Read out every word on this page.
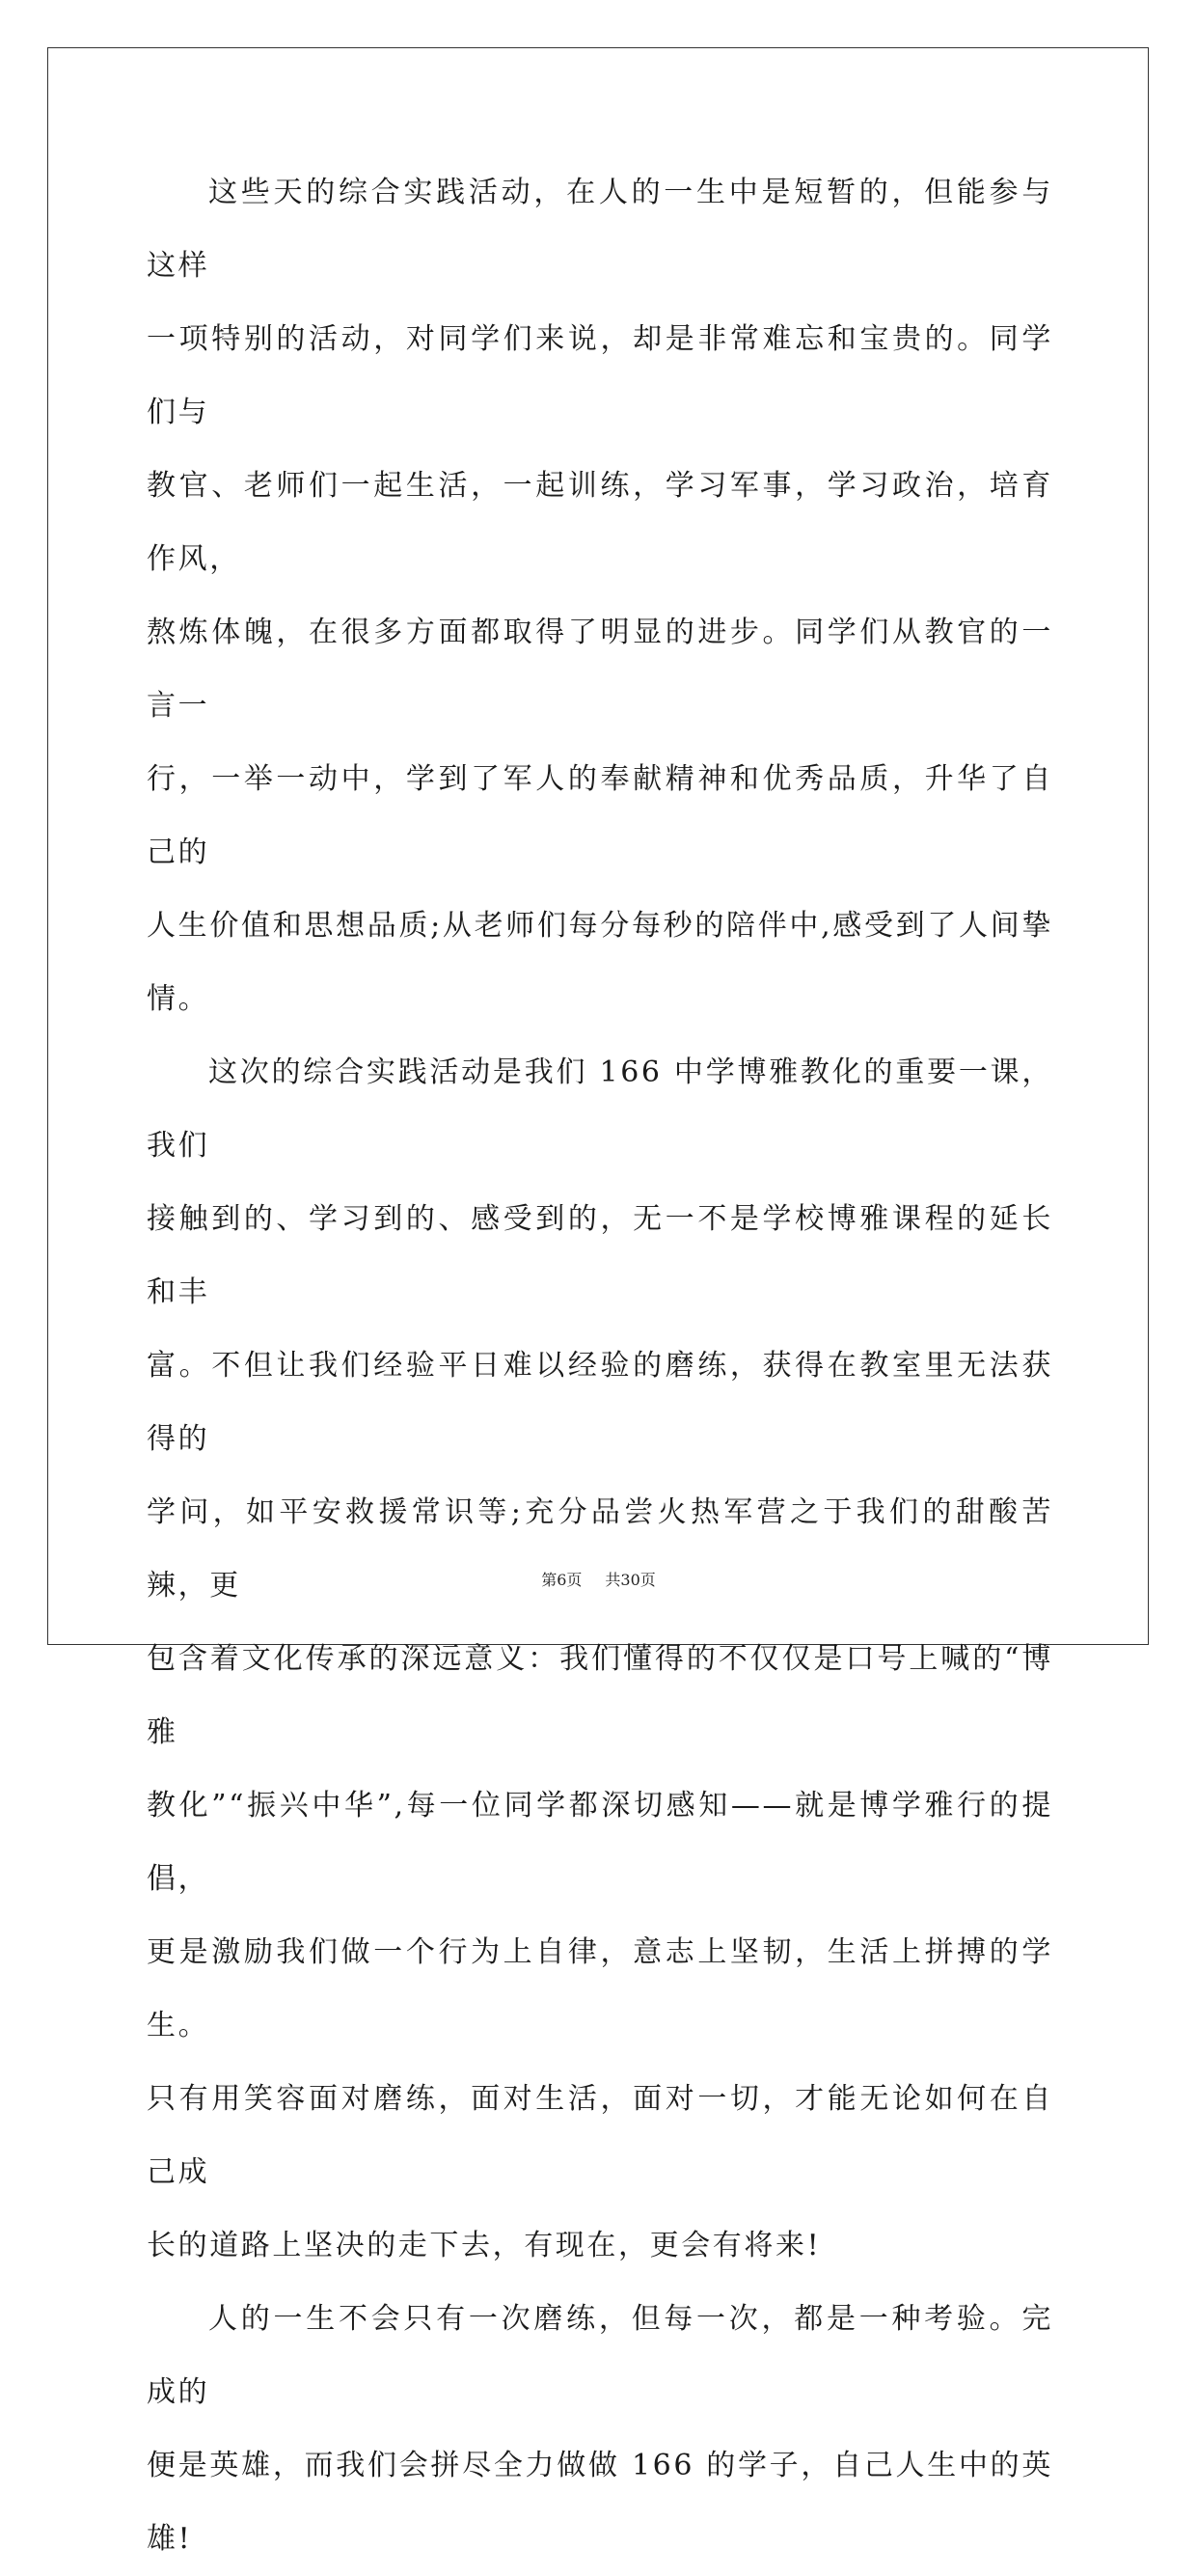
这些天的综合实践活动，在人的一生中是短暂的，但能参与这样

一项特别的活动，对同学们来说，却是非常难忘和宝贵的。同学们与

教官、老师们一起生活，一起训练，学习军事，学习政治，培育作风，

熬炼体魄，在很多方面都取得了明显的进步。同学们从教官的一言一

行，一举一动中，学到了军人的奉献精神和优秀品质，升华了自己的

人生价值和思想品质;从老师们每分每秒的陪伴中,感受到了人间挚情。

这次的综合实践活动是我们 166 中学博雅教化的重要一课，我们

接触到的、学习到的、感受到的，无一不是学校博雅课程的延长和丰

富。不但让我们经验平日难以经验的磨练，获得在教室里无法获得的

学问，如平安救援常识等;充分品尝火热军营之于我们的甜酸苦辣，更

包含着文化传承的深远意义：我们懂得的不仅仅是口号上喊的“博雅

教化”“振兴中华”,每一位同学都深切感知——就是博学雅行的提倡，

更是激励我们做一个行为上自律，意志上坚韧，生活上拼搏的学生。

只有用笑容面对磨练，面对生活，面对一切，才能无论如何在自己成

长的道路上坚决的走下去，有现在，更会有将来!

人的一生不会只有一次磨练，但每一次，都是一种考验。完成的

便是英雄，而我们会拼尽全力做做 166 的学子，自己人生中的英雄!

第6页 共30页
